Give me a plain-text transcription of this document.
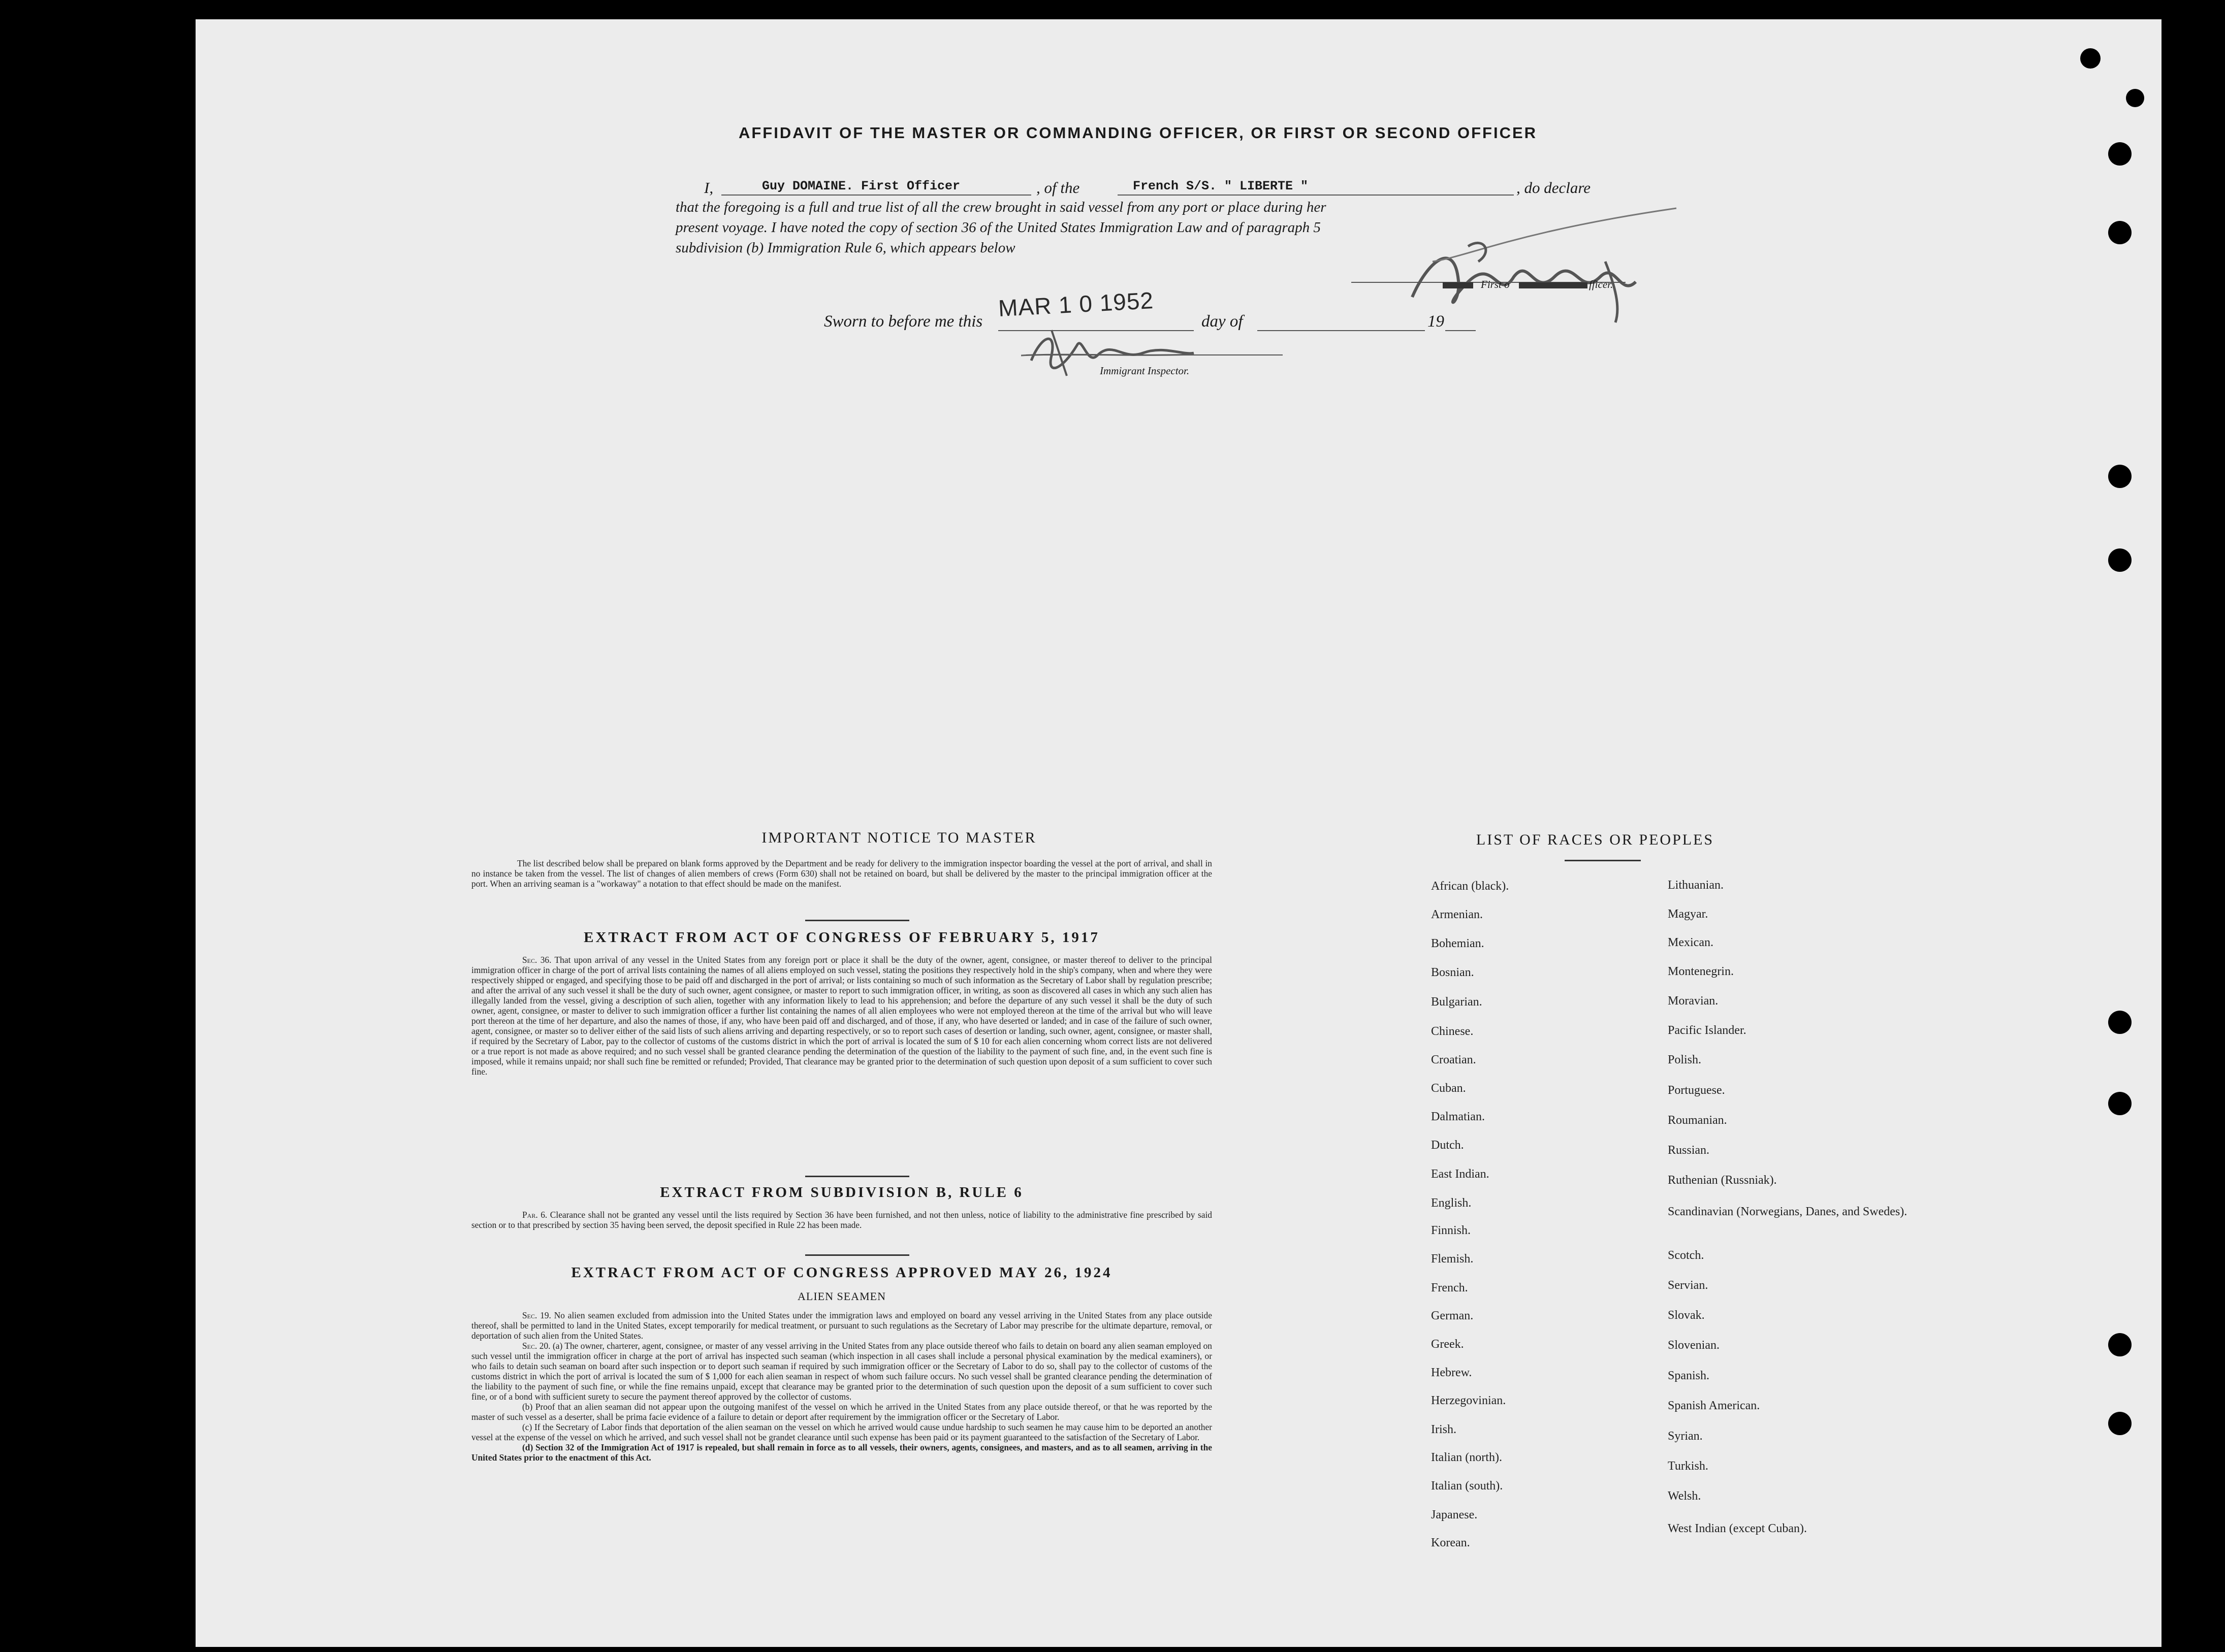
AFFIDAVIT OF THE MASTER OR COMMANDING OFFICER, OR FIRST OR SECOND OFFICER
I,	Guy DOMAINE. First Officer	, of the	French S/S. " LIBERTE "	, do declare
that the foregoing is a full and true list of all the crew brought in said vessel from any port or place during her
present voyage. I have noted the copy of section 36 of the United States Immigration Law and of paragraph 5
subdivision (b) Immigration Rule 6, which appears below
First o	fficer.
Sworn to before me this
MAR 1 0 1952
day of	19
Immigrant Inspector.
IMPORTANT NOTICE TO MASTER
The list described below shall be prepared on blank forms approved by the Department and be ready for delivery to the immigration inspector boarding the vessel at the port of arrival, and shall in no instance be taken from the vessel. The list of changes of alien members of crews (Form 630) shall not be retained on board, but shall be delivered by the master to the principal immigration officer at the port. When an arriving seaman is a "workaway" a notation to that effect should be made on the manifest.
EXTRACT FROM ACT OF CONGRESS OF FEBRUARY 5, 1917
Sec. 36. That upon arrival of any vessel in the United States from any foreign port or place it shall be the duty of the owner, agent, consignee, or master thereof to deliver to the principal immigration officer in charge of the port of arrival lists containing the names of all aliens employed on such vessel, stating the positions they respectively hold in the ship's company, when and where they were respectively shipped or engaged, and specifying those to be paid off and discharged in the port of arrival; or lists containing so much of such information as the Secretary of Labor shall by regulation prescribe; and after the arrival of any such vessel it shall be the duty of such owner, agent consignee, or master to report to such immigration officer, in writing, as soon as discovered all cases in which any such alien has illegally landed from the vessel, giving a description of such alien, together with any information likely to lead to his apprehension; and before the departure of any such vessel it shall be the duty of such owner, agent, consignee, or master to deliver to such immigration officer a further list containing the names of all alien employees who were not employed thereon at the time of the arrival but who will leave port thereon at the time of her departure, and also the names of those, if any, who have been paid off and discharged, and of those, if any, who have deserted or landed; and in case of the failure of such owner, agent, consignee, or master so to deliver either of the said lists of such aliens arriving and departing respectively, or so to report such cases of desertion or landing, such owner, agent, consignee, or master shall, if required by the Secretary of Labor, pay to the collector of customs of the customs district in which the port of arrival is located the sum of $ 10 for each alien concerning whom correct lists are not delivered or a true report is not made as above required; and no such vessel shall be granted clearance pending the determination of the question of the liability to the payment of such fine, and, in the event such fine is imposed, while it remains unpaid; nor shall such fine be remitted or refunded; Provided, That clearance may be granted prior to the determination of such question upon deposit of a sum sufficient to cover such fine.
EXTRACT FROM SUBDIVISION B, RULE 6
Par. 6. Clearance shall not be granted any vessel until the lists required by Section 36 have been furnished, and not then unless, notice of liability to the administrative fine prescribed by said section or to that prescribed by section 35 having been served, the deposit specified in Rule 22 has been made.
EXTRACT FROM ACT OF CONGRESS APPROVED MAY 26, 1924
ALIEN SEAMEN
Sec. 19. No alien seamen excluded from admission into the United States under the immigration laws and employed on board any vessel arriving in the United States from any place outside thereof, shall be permitted to land in the United States, except temporarily for medical treatment, or pursuant to such regulations as the Secretary of Labor may prescribe for the ultimate departure, removal, or deportation of such alien from the United States.
Sec. 20. (a) The owner, charterer, agent, consignee, or master of any vessel arriving in the United States from any place outside thereof who fails to detain on board any alien seaman employed on such vessel until the immigration officer in charge at the port of arrival has inspected such seaman (which inspection in all cases shall include a personal physical examination by the medical examiners), or who fails to detain such seaman on board after such inspection or to deport such seaman if required by such immigration officer or the Secretary of Labor to do so, shall pay to the collector of customs of the customs district in which the port of arrival is located the sum of $ 1,000 for each alien seaman in respect of whom such failure occurs. No such vessel shall be granted clearance pending the determination of the liability to the payment of such fine, or while the fine remains unpaid, except that clearance may be granted prior to the determination of such question upon the deposit of a sum sufficient to cover such fine, or of a bond with sufficient surety to secure the payment thereof approved by the collector of customs.
(b) Proof that an alien seaman did not appear upon the outgoing manifest of the vessel on which he arrived in the United States from any place outside thereof, or that he was reported by the master of such vessel as a deserter, shall be prima facie evidence of a failure to detain or deport after requirement by the immigration officer or the Secretary of Labor.
(c) If the Secretary of Labor finds that deportation of the alien seaman on the vessel on which he arrived would cause undue hardship to such seamen he may cause him to be deported an another vessel at the expense of the vessel on which he arrived, and such vessel shall not be grandet clearance until such expense has been paid or its payment guaranteed to the satisfaction of the Secretary of Labor.
(d) Section 32 of the Immigration Act of 1917 is repealed, but shall remain in force as to all vessels, their owners, agents, consignees, and masters, and as to all seamen, arriving in the United States prior to the enactment of this Act.
LIST OF RACES OR PEOPLES
African (black).
Armenian.
Bohemian.
Bosnian.
Bulgarian.
Chinese.
Croatian.
Cuban.
Dalmatian.
Dutch.
East Indian.
English.
Finnish.
Flemish.
French.
German.
Greek.
Hebrew.
Herzegovinian.
Irish.
Italian (north).
Italian (south).
Japanese.
Korean.
Lithuanian.
Magyar.
Mexican.
Montenegrin.
Moravian.
Pacific Islander.
Polish.
Portuguese.
Roumanian.
Russian.
Ruthenian (Russniak).
Scandinavian (Norwegians, Danes, and Swedes).
Scotch.
Servian.
Slovak.
Slovenian.
Spanish.
Spanish American.
Syrian.
Turkish.
Welsh.
West Indian (except Cuban).
